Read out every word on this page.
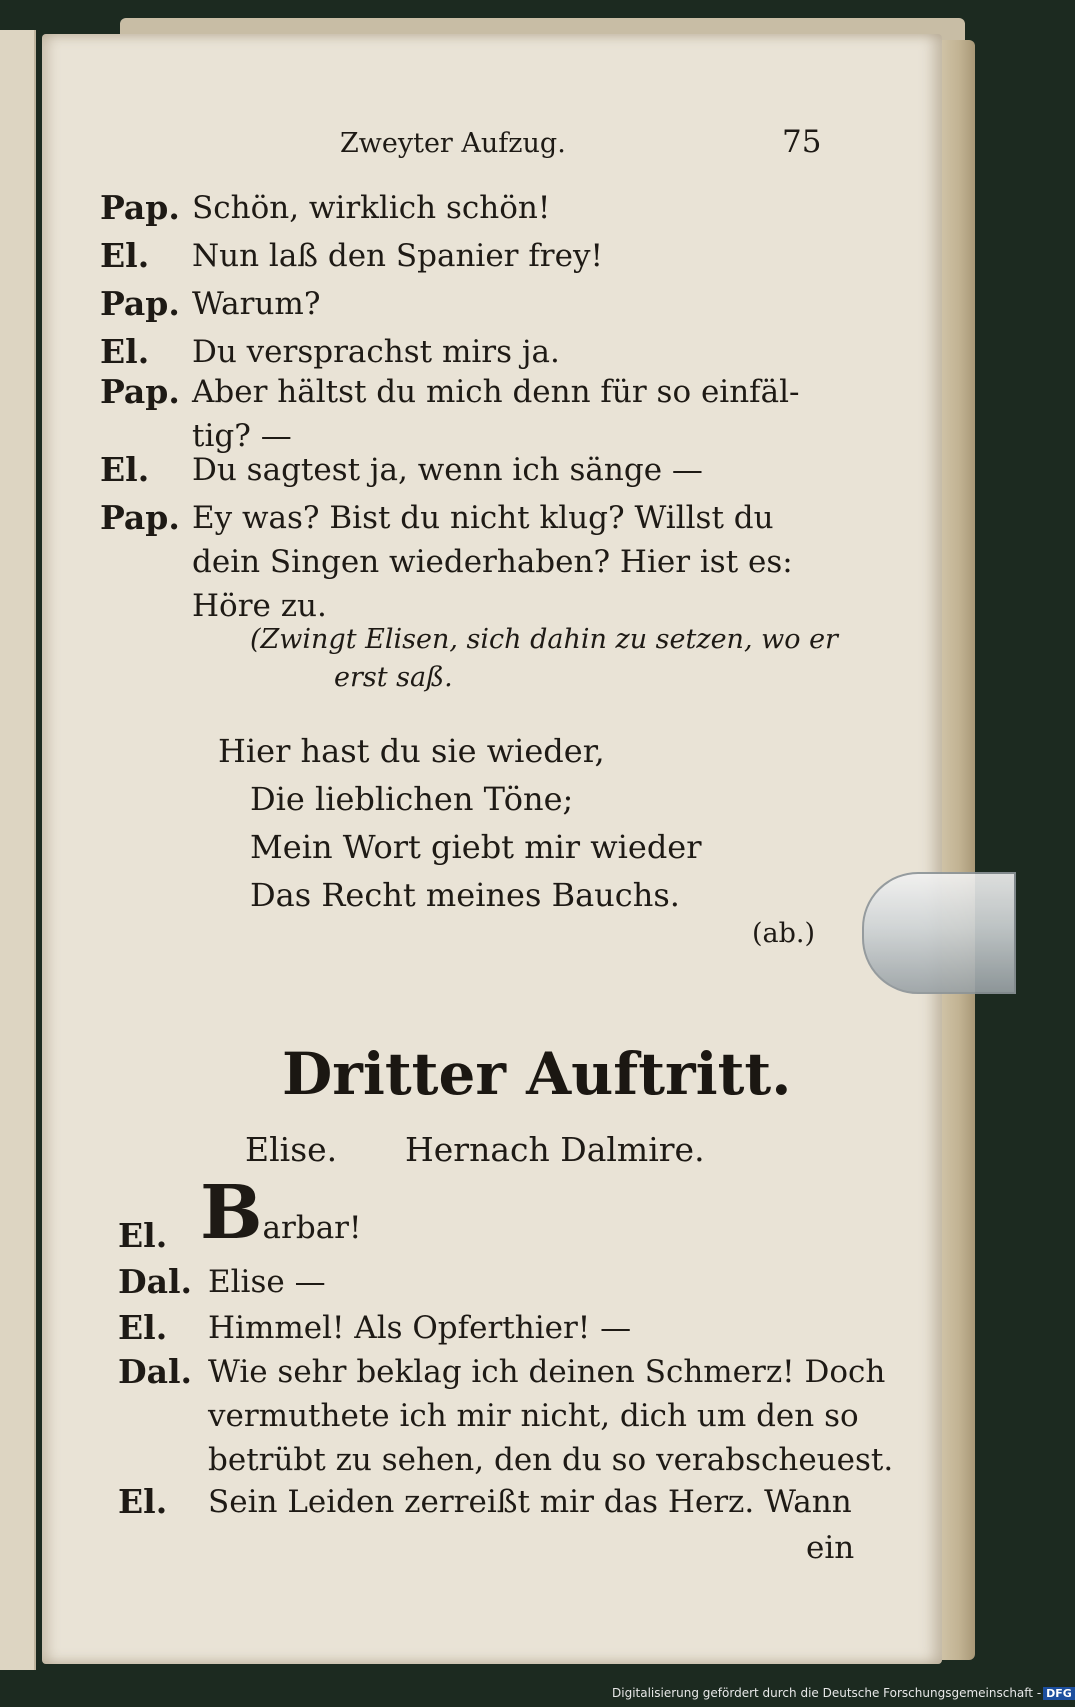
Zweyter Aufzug.	75
Pap. Schön, wirklich schön!
El. Nun laß den Spanier frey!
Pap. Warum?
El. Du versprachst mirs ja.
Pap. Aber hältst du mich denn für so einfäl-
tig? —
El. Du sagtest ja, wenn ich sänge —
Pap. Ey was? Bist du nicht klug? Willst du
dein Singen wiederhaben? Hier ist es:
Höre zu.
(Zwingt Elisen, sich dahin zu setzen, wo er
erst saß.
Hier hast du sie wieder,
Die lieblichen Töne;
Mein Wort giebt mir wieder
Das Recht meines Bauchs.
(ab.)
Dritter Auftritt.
Elise. Hernach Dalmire.
El. Barbar!
Dal. Elise —
El. Himmel! Als Opferthier! —
Dal. Wie sehr beklag ich deinen Schmerz! Doch
vermuthete ich mir nicht, dich um den so
betrübt zu sehen, den du so verabscheuest.
El. Sein Leiden zerreißt mir das Herz. Wann
ein
Digitalisierung gefördert durch die Deutsche Forschungsgemeinschaft - DFG
